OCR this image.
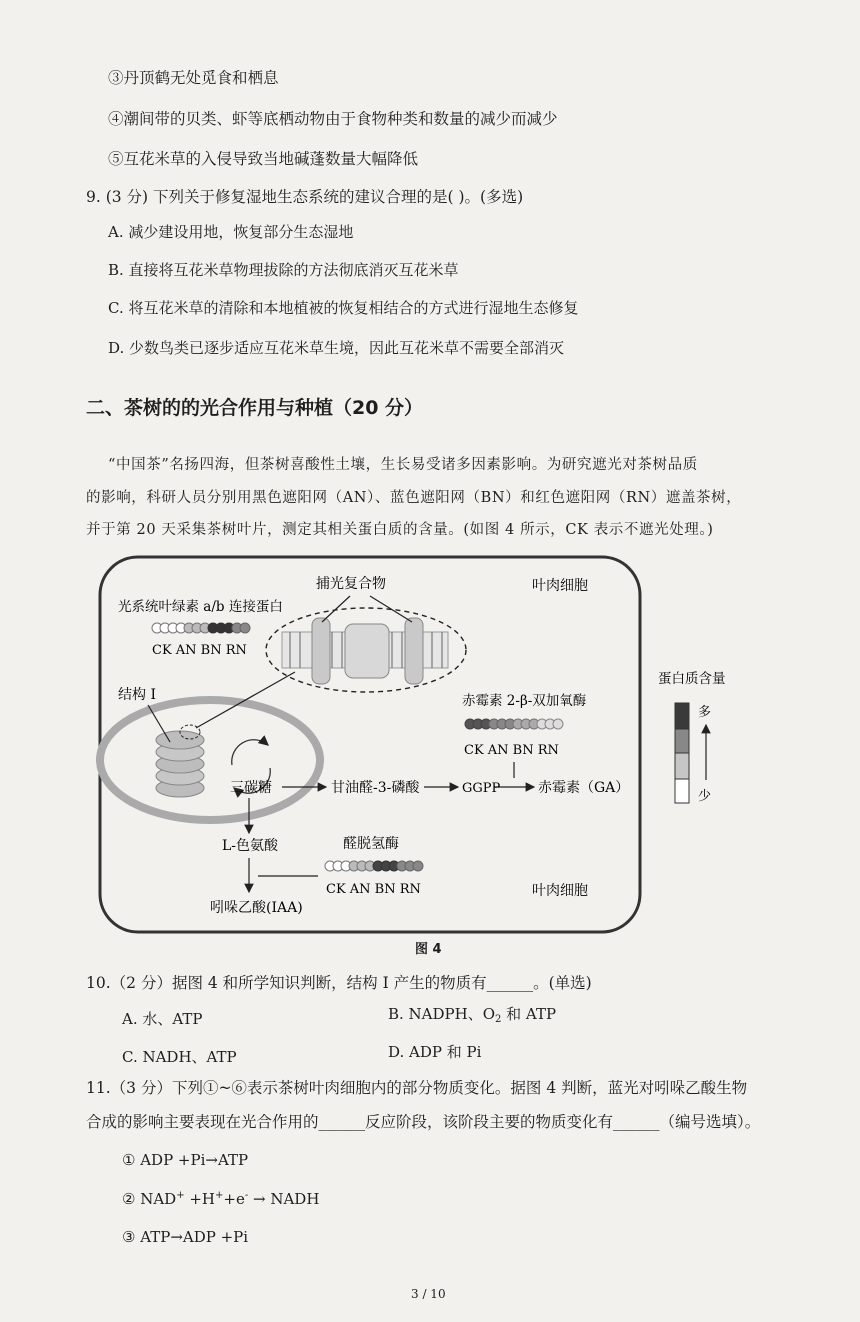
③丹顶鹤无处觅食和栖息
④潮间带的贝类、虾等底栖动物由于食物种类和数量的减少而减少
⑤互花米草的入侵导致当地碱蓬数量大幅降低
9. (3 分) 下列关于修复湿地生态系统的建议合理的是( )。(多选)
A. 减少建设用地，恢复部分生态湿地
B. 直接将互花米草物理拔除的方法彻底消灭互花米草
C. 将互花米草的清除和本地植被的恢复相结合的方式进行湿地生态修复
D. 少数鸟类已逐步适应互花米草生境，因此互花米草不需要全部消灭
二、茶树的的光合作用与种植（20 分）
“中国茶”名扬四海，但茶树喜酸性土壤，生长易受诸多因素影响。为研究遮光对茶树品质
的影响，科研人员分别用黑色遮阳网（AN）、蓝色遮阳网（BN）和红色遮阳网（RN）遮盖茶树，
并于第 20 天采集茶树叶片，测定其相关蛋白质的含量。(如图 4 所示，CK 表示不遮光处理。)
捕光复合物	叶肉细胞
光系统叶绿素 a/b 连接蛋白
CK AN BN RN
结构 I	赤霉素 2-β-双加氧酶
CK AN BN RN
三碳糖	甘油醛-3-磷酸	GGPP	赤霉素（GA）
L-色氨酸	醛脱氢酶
CK AN BN RN	叶肉细胞
吲哚乙酸(IAA)
蛋白质含量
多
少
图 4
10.（2 分）据图 4 和所学知识判断，结构 I 产生的物质有______。(单选)
A. 水、ATP	B. NADPH、$O_2$ 和 ATP
C. NADH、ATP	D. ADP 和 Pi
11.（3 分）下列①~⑥表示茶树叶肉细胞内的部分物质变化。据图 4 判断，蓝光对吲哚乙酸生物
合成的影响主要表现在光合作用的______反应阶段，该阶段主要的物质变化有______（编号选填）。
① ADP +Pi→ATP
② NAD+ +H++e- → NADH
③ ATP→ADP +Pi
3 / 10
